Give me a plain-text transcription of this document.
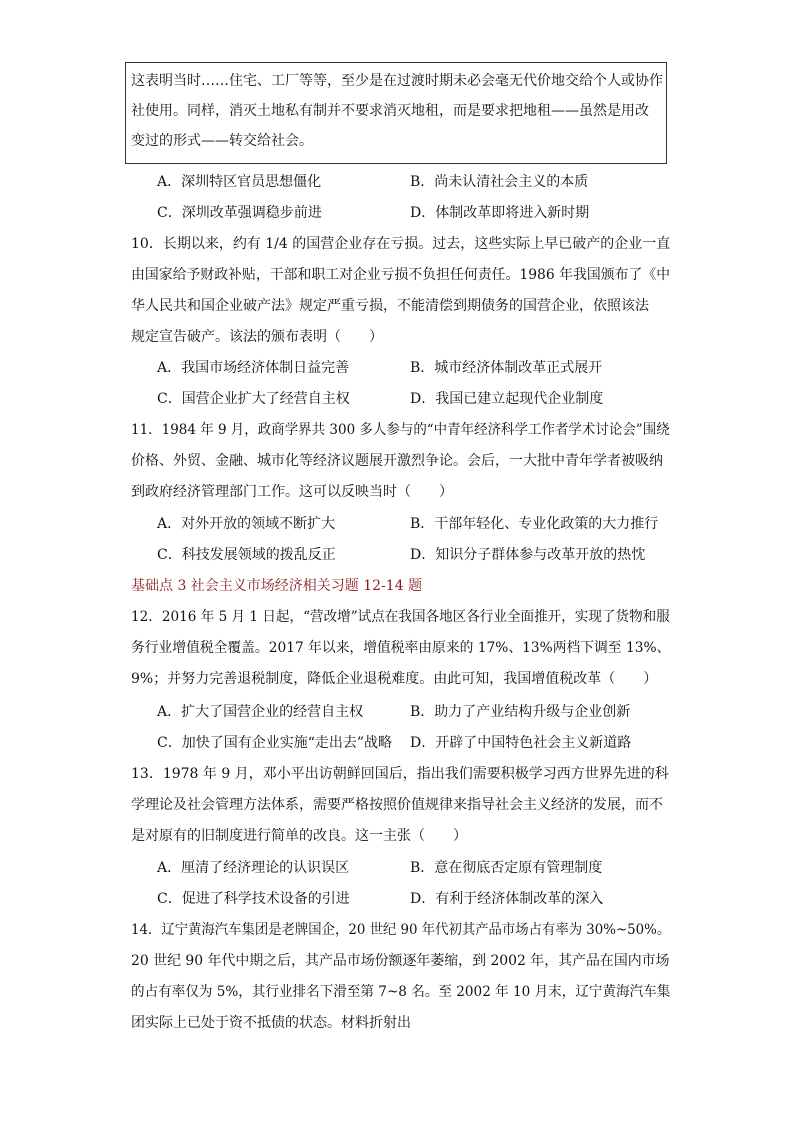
这表明当时……住宅、工厂等等，至少是在过渡时期未必会毫无代价地交给个人或协作
社使用。同样，消灭土地私有制并不要求消灭地租，而是要求把地租——虽然是用改
变过的形式——转交给社会。
A．深圳特区官员思想僵化	B．尚未认清社会主义的本质
C．深圳改革强调稳步前进	D．体制改革即将进入新时期
10．长期以来，约有 1/4 的国营企业存在亏损。过去，这些实际上早已破产的企业一直
由国家给予财政补贴，干部和职工对企业亏损不负担任何责任。1986 年我国颁布了《中
华人民共和国企业破产法》规定严重亏损，不能清偿到期债务的国营企业，依照该法
规定宣告破产。该法的颁布表明（　　）
A．我国市场经济体制日益完善	B．城市经济体制改革正式展开
C．国营企业扩大了经营自主权	D．我国已建立起现代企业制度
11．1984 年 9 月，政商学界共 300 多人参与的“中青年经济科学工作者学术讨论会”围绕
价格、外贸、金融、城市化等经济议题展开激烈争论。会后，一大批中青年学者被吸纳
到政府经济管理部门工作。这可以反映当时（　　）
A．对外开放的领域不断扩大	B．干部年轻化、专业化政策的大力推行
C．科技发展领域的拨乱反正	D．知识分子群体参与改革开放的热忱
基础点 3 社会主义市场经济相关习题 12-14 题
12．2016 年 5 月 1 日起，“营改增”试点在我国各地区各行业全面推开，实现了货物和服
务行业增值税全覆盖。2017 年以来，增值税率由原来的 17%、13%两档下调至 13%、
9%；并努力完善退税制度，降低企业退税难度。由此可知，我国增值税改革（　　）
A．扩大了国营企业的经营自主权	B．助力了产业结构升级与企业创新
C．加快了国有企业实施“走出去”战略 D．开辟了中国特色社会主义新道路
13．1978 年 9 月，邓小平出访朝鲜回国后，指出我们需要积极学习西方世界先进的科
学理论及社会管理方法体系，需要严格按照价值规律来指导社会主义经济的发展，而不
是对原有的旧制度进行简单的改良。这一主张（　　）
A．厘清了经济理论的认识误区	B．意在彻底否定原有管理制度
C．促进了科学技术设备的引进	D．有利于经济体制改革的深入
14．辽宁黄海汽车集团是老牌国企，20 世纪 90 年代初其产品市场占有率为 30%~50%。
20 世纪 90 年代中期之后，其产品市场份额逐年萎缩，到 2002 年，其产品在国内市场
的占有率仅为 5%，其行业排名下滑至第 7~8 名。至 2002 年 10 月末，辽宁黄海汽车集
团实际上已处于资不抵债的状态。材料折射出
